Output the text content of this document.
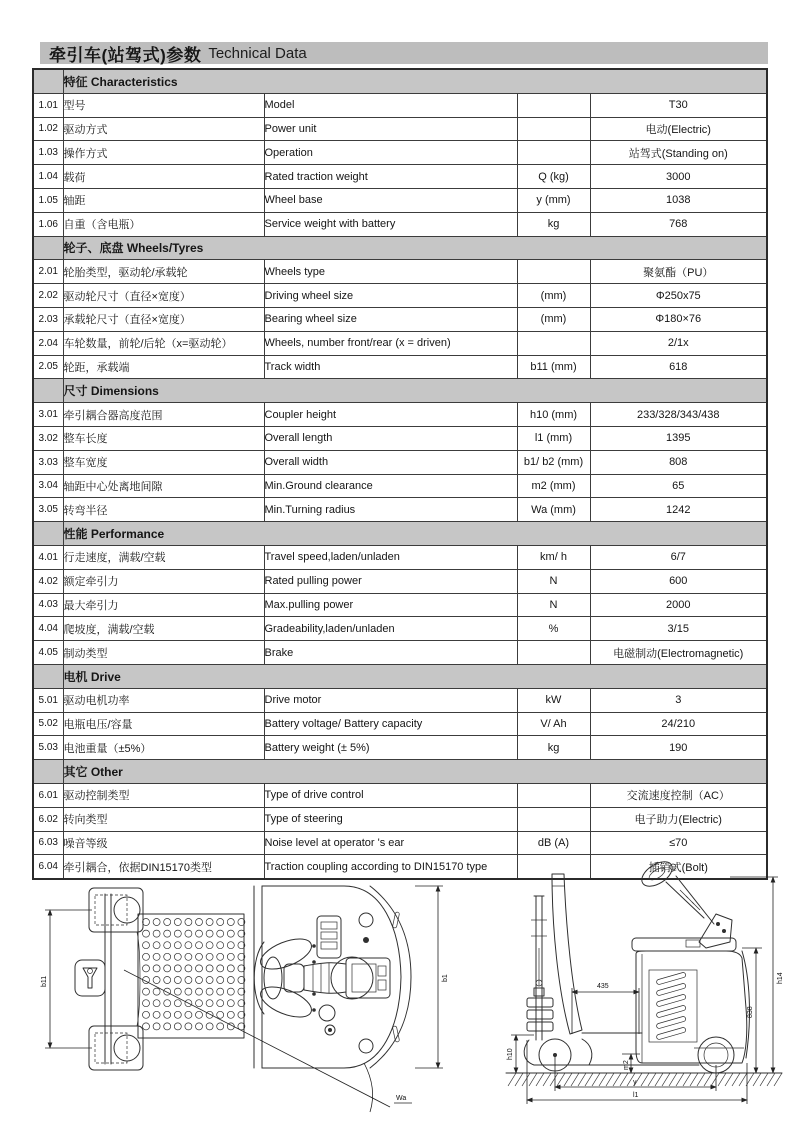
牵引车(站驾式)参数 Technical Data
	特征 Characteristics			
1.01	型号	Model		T30
1.02	驱动方式	Power unit		电动(Electric)
1.03	操作方式	Operation		站驾式(Standing on)
1.04	载荷	Rated traction weight	Q (kg)	3000
1.05	轴距	Wheel base	y (mm)	1038
1.06	自重（含电瓶）	Service weight with battery	kg	768
	轮子、底盘 Wheels/Tyres			
2.01	轮胎类型，驱动轮/承载轮	Wheels type		聚氨酯（PU）
2.02	驱动轮尺寸（直径×宽度）	Driving wheel size	(mm)	Φ250x75
2.03	承载轮尺寸（直径×宽度）	Bearing wheel size	(mm)	Φ180×76
2.04	车轮数量，前轮/后轮（x=驱动轮）	Wheels, number front/rear (x = driven)		2/1x
2.05	轮距，承载端	Track width	b11 (mm)	618
	尺寸 Dimensions			
3.01	牵引耦合器高度范围	Coupler height	h10 (mm)	233/328/343/438
3.02	整车长度	Overall length	l1 (mm)	1395
3.03	整车宽度	Overall width	b1/ b2 (mm)	808
3.04	轴距中心处离地间隙	Min.Ground clearance	m2 (mm)	65
3.05	转弯半径	Min.Turning radius	Wa (mm)	1242
	性能 Performance			
4.01	行走速度，满载/空载	Travel speed,laden/unladen	km/ h	6/7
4.02	额定牵引力	Rated pulling power	N	600
4.03	最大牵引力	Max.pulling power	N	2000
4.04	爬坡度，满载/空载	Gradeability,laden/unladen	%	3/15
4.05	制动类型	Brake		电磁制动(Electromagnetic)
	电机 Drive			
5.01	驱动电机功率	Drive motor	kW	3
5.02	电瓶电压/容量	Battery voltage/ Battery capacity	V/ Ah	24/210
5.03	电池重量（±5%）	Battery weight (± 5%)	kg	190
	其它 Other			
6.01	驱动控制类型	Type of drive control		交流速度控制（AC）
6.02	转向类型	Type of steering		电子助力(Electric)
6.03	噪音等级	Noise level at operator 's ear	dB (A)	≤70
6.04	牵引耦合，依据DIN15170类型	Traction coupling according to DIN15170 type		插销式(Bolt)
b11	b1
Wa
435
h10
m2
838
h14
y
l1
